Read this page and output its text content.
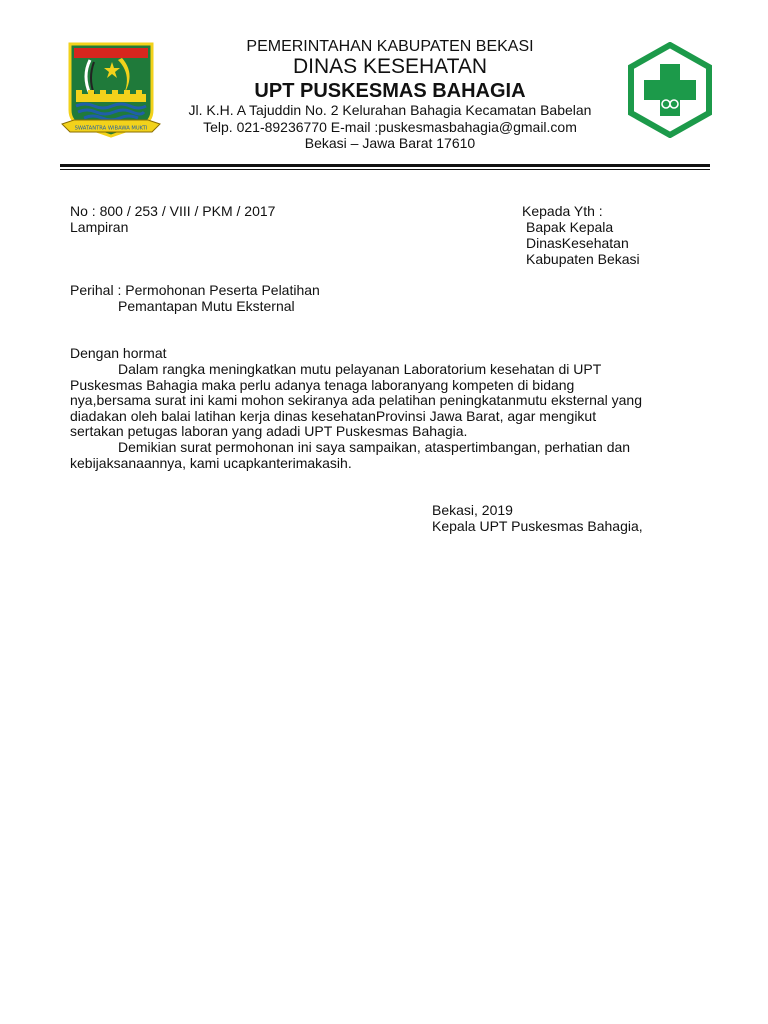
SWATANTRA WIBAWA MUKTI
PEMERINTAHAN KABUPATEN BEKASI
DINAS KESEHATAN
UPT PUSKESMAS BAHAGIA
Jl. K.H. A Tajuddin No. 2 Kelurahan Bahagia Kecamatan Babelan
Telp. 021-89236770 E-mail :puskesmasbahagia@gmail.com
Bekasi – Jawa Barat 17610
No : 800 / 253 / VIII / PKM / 2017
Lampiran
Kepada Yth :
Bapak Kepala
DinasKesehatan
Kabupaten Bekasi
Perihal : Permohonan Peserta Pelatihan
Pemantapan Mutu Eksternal
Dengan hormat
Dalam rangka meningkatkan mutu pelayanan Laboratorium kesehatan di UPT
Puskesmas Bahagia maka perlu adanya tenaga laboranyang kompeten di bidang
nya,bersama surat ini kami mohon sekiranya ada pelatihan peningkatanmutu eksternal yang
diadakan oleh balai latihan kerja dinas kesehatanProvinsi Jawa Barat, agar mengikut
sertakan petugas laboran yang adadi UPT Puskesmas Bahagia.
Demikian surat permohonan ini saya sampaikan, ataspertimbangan, perhatian dan
kebijaksanaannya, kami ucapkanterimakasih.
Bekasi, 2019
Kepala UPT Puskesmas Bahagia,
